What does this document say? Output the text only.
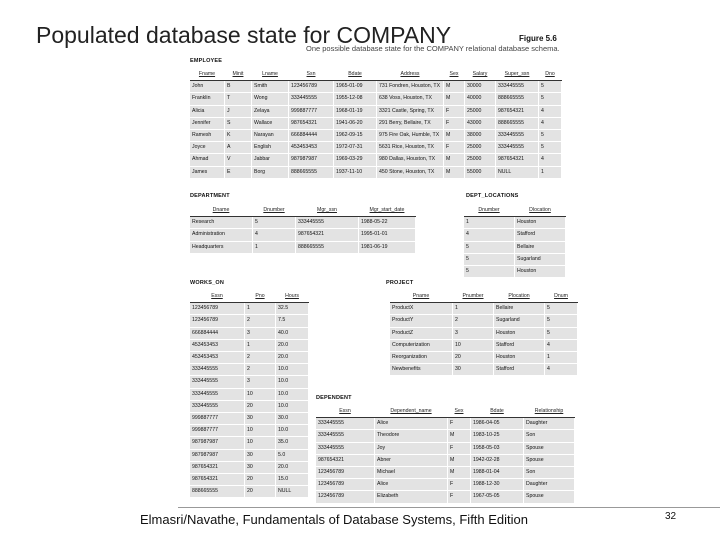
Populated database state for COMPANY	Figure 5.6
One possible database state for the COMPANY relational database schema.
EMPLOYEE
Fname	Minit	Lname	Ssn	Bdate	Address	Sex	Salary	Super_ssn	Dno
John	B	Smith	123456789	1965-01-09	731 Fondren, Houston, TX	M	30000	333445555	5
Franklin	T	Wong	333445555	1955-12-08	638 Voss, Houston, TX	M	40000	888665555	5
Alicia	J	Zelaya	999887777	1968-01-19	3321 Castle, Spring, TX	F	25000	987654321	4
Jennifer	S	Wallace	987654321	1941-06-20	291 Berry, Bellaire, TX	F	43000	888665555	4
Ramesh	K	Narayan	666884444	1962-09-15	975 Fire Oak, Humble, TX	M	38000	333445555	5
Joyce	A	English	453453453	1972-07-31	5631 Rice, Houston, TX	F	25000	333445555	5
Ahmad	V	Jabbar	987987987	1969-03-29	980 Dallas, Houston, TX	M	25000	987654321	4
James	E	Borg	888665555	1937-11-10	450 Stone, Houston, TX	M	55000	NULL	1
DEPARTMENT
Dname	Dnumber	Mgr_ssn	Mgr_start_date
Research	5	333445555	1988-05-22
Administration	4	987654321	1995-01-01
Headquarters	1	888665555	1981-06-19
DEPT_LOCATIONS
Dnumber	Dlocation
1	Houston
4	Stafford
5	Bellaire
5	Sugarland
5	Houston
WORKS_ON
Essn	Pno	Hours
123456789	1	32.5
123456789	2	7.5
666884444	3	40.0
453453453	1	20.0
453453453	2	20.0
333445555	2	10.0
333445555	3	10.0
333445555	10	10.0
333445555	20	10.0
999887777	30	30.0
999887777	10	10.0
987987987	10	35.0
987987987	30	5.0
987654321	30	20.0
987654321	20	15.0
888665555	20	NULL
PROJECT
Pname	Pnumber	Plocation	Dnum
ProductX	1	Bellaire	5
ProductY	2	Sugarland	5
ProductZ	3	Houston	5
Computerization	10	Stafford	4
Reorganization	20	Houston	1
Newbenefits	30	Stafford	4
DEPENDENT
Essn	Dependent_name	Sex	Bdate	Relationship
333445555	Alice	F	1986-04-05	Daughter
333445555	Theodore	M	1983-10-25	Son
333445555	Joy	F	1958-05-03	Spouse
987654321	Abner	M	1942-02-28	Spouse
123456789	Michael	M	1988-01-04	Son
123456789	Alice	F	1988-12-30	Daughter
123456789	Elizabeth	F	1967-05-05	Spouse
Elmasri/Navathe, Fundamentals of Database Systems, Fifth Edition	32
